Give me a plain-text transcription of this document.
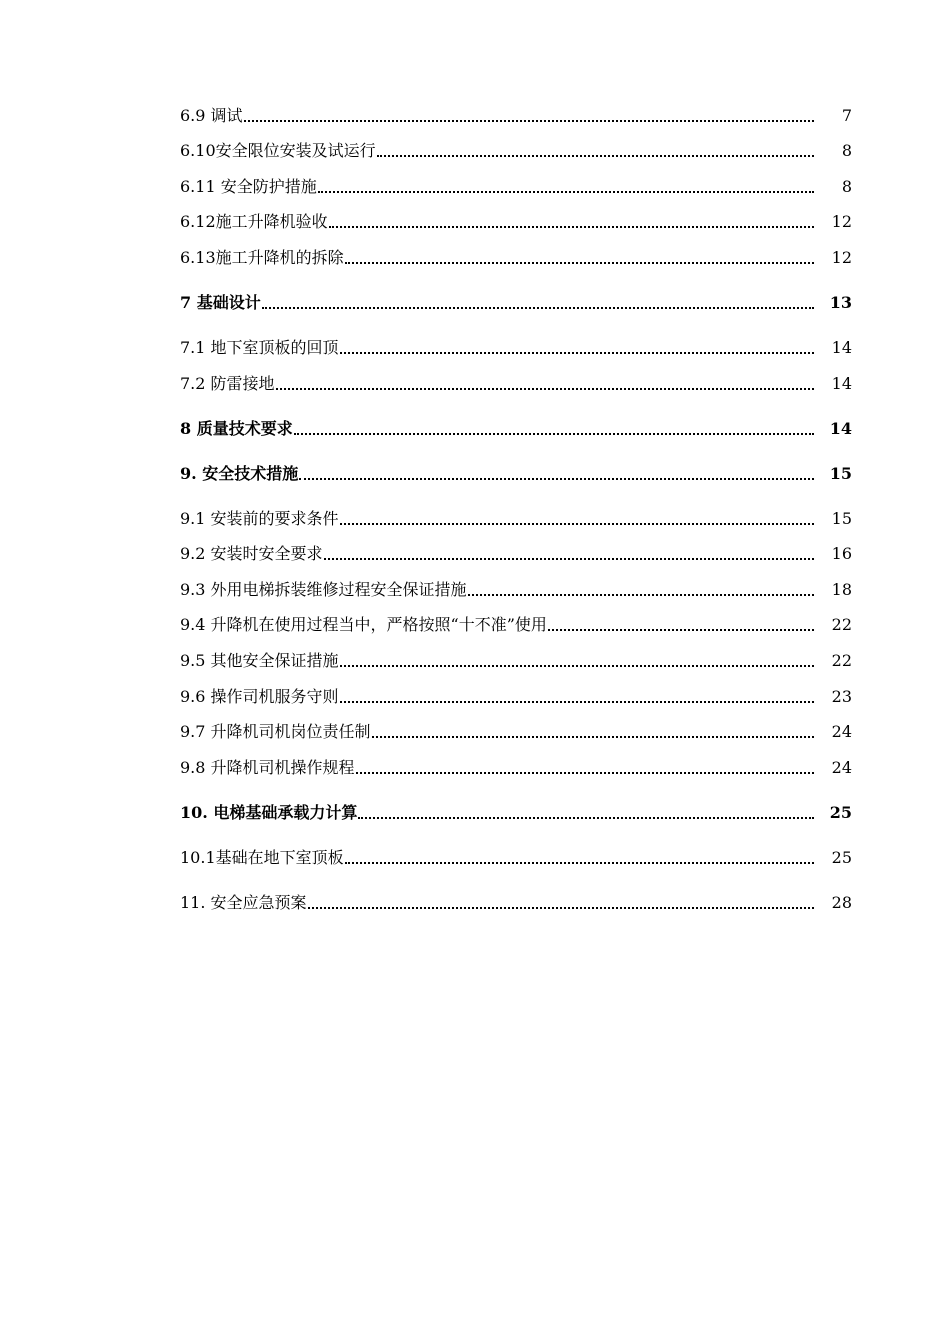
6.9 调试	7
6.10安全限位安装及试运行	8
6.11 安全防护措施	8
6.12施工升降机验收	12
6.13施工升降机的拆除	12
7 基础设计	13
7.1 地下室顶板的回顶	14
7.2 防雷接地	14
8 质量技术要求	14
9. 安全技术措施	15
9.1 安装前的要求条件	15
9.2 安装时安全要求	16
9.3 外用电梯拆装维修过程安全保证措施	18
9.4 升降机在使用过程当中，严格按照“十不准”使用	22
9.5 其他安全保证措施	22
9.6 操作司机服务守则	23
9.7 升降机司机岗位责任制	24
9.8 升降机司机操作规程	24
10. 电梯基础承载力计算	25
10.1基础在地下室顶板	25
11. 安全应急预案	28
